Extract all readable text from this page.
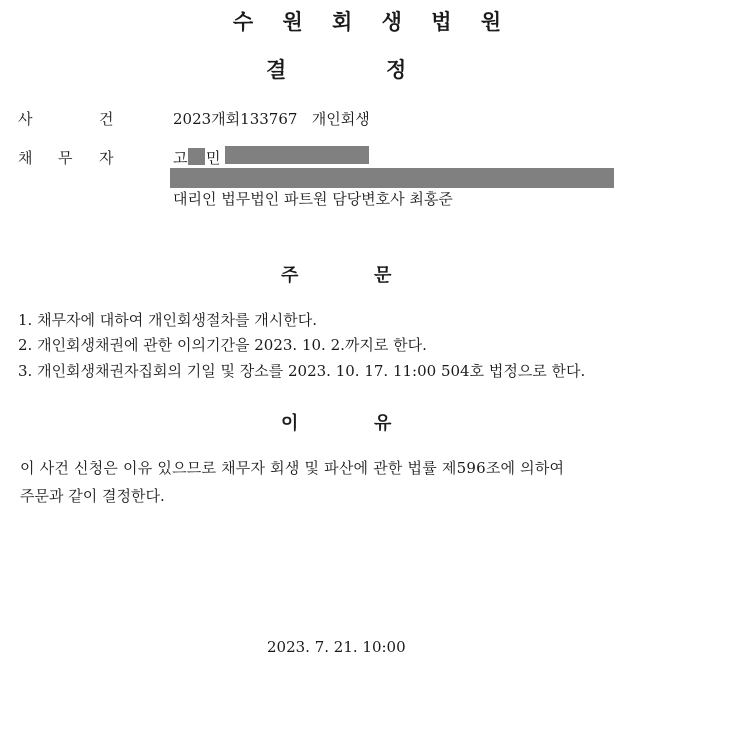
수 원 회 생 법 원
결	정
사	건	2023개회133767   개인회생
채 무 자	고 민
대리인 법무법인 파트원 담당변호사 최홍준
주	문
1. 채무자에 대하여 개인회생절차를 개시한다.
2. 개인회생채권에 관한 이의기간을 2023. 10. 2.까지로 한다.
3. 개인회생채권자집회의 기일 및 장소를 2023. 10. 17. 11:00 504호 법정으로 한다.
이	유
이 사건 신청은 이유 있으므로 채무자 회생 및 파산에 관한 법률 제596조에 의하여
주문과 같이 결정한다.
2023. 7. 21. 10:00
